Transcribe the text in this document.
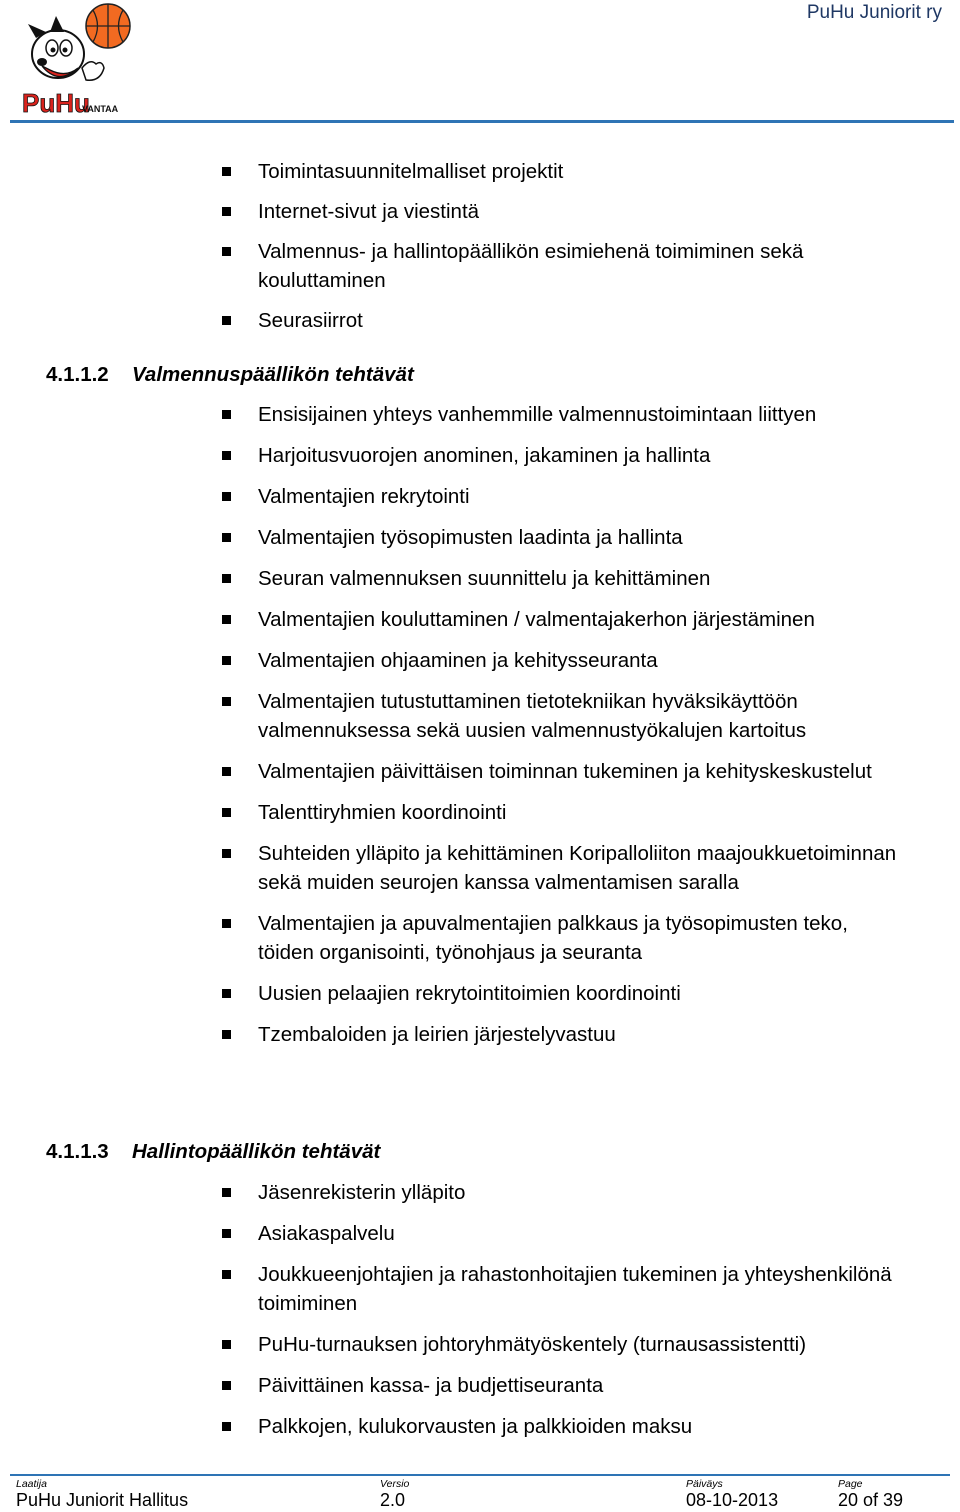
PuHu
VANTAA
PuHu Juniorit ry
Toimintasuunnitelmalliset projektit
Internet-sivut ja viestintä
Valmennus- ja hallintopäällikön esimiehenä toimiminen sekä kouluttaminen
Seurasiirrot
4.1.1.2 Valmennuspäällikön tehtävät
Ensisijainen yhteys vanhemmille valmennustoimintaan liittyen
Harjoitusvuorojen anominen, jakaminen ja hallinta
Valmentajien rekrytointi
Valmentajien työsopimusten laadinta ja hallinta
Seuran valmennuksen suunnittelu ja kehittäminen
Valmentajien kouluttaminen / valmentajakerhon järjestäminen
Valmentajien ohjaaminen ja kehitysseuranta
Valmentajien tutustuttaminen tietotekniikan hyväksikäyttöön valmennuksessa sekä uusien valmennustyökalujen kartoitus
Valmentajien päivittäisen toiminnan tukeminen ja kehityskeskustelut
Talenttiryhmien koordinointi
Suhteiden ylläpito ja kehittäminen Koripalloliiton maajoukkuetoiminnan sekä muiden seurojen kanssa valmentamisen saralla
Valmentajien ja apuvalmentajien palkkaus ja työsopimusten teko, töiden organisointi, työnohjaus ja seuranta
Uusien pelaajien rekrytointitoimien koordinointi
Tzembaloiden ja leirien järjestelyvastuu
4.1.1.3 Hallintopäällikön tehtävät
Jäsenrekisterin ylläpito
Asiakaspalvelu
Joukkueenjohtajien ja rahastonhoitajien tukeminen ja yhteyshenkilönä toimiminen
PuHu-turnauksen johtoryhmätyöskentely (turnausassistentti)
Päivittäinen kassa- ja budjettiseuranta
Palkkojen, kulukorvausten ja palkkioiden maksu
Laatija
PuHu Juniorit Hallitus
Versio
2.0
Päiväys
08-10-2013
Page
20 of 39
